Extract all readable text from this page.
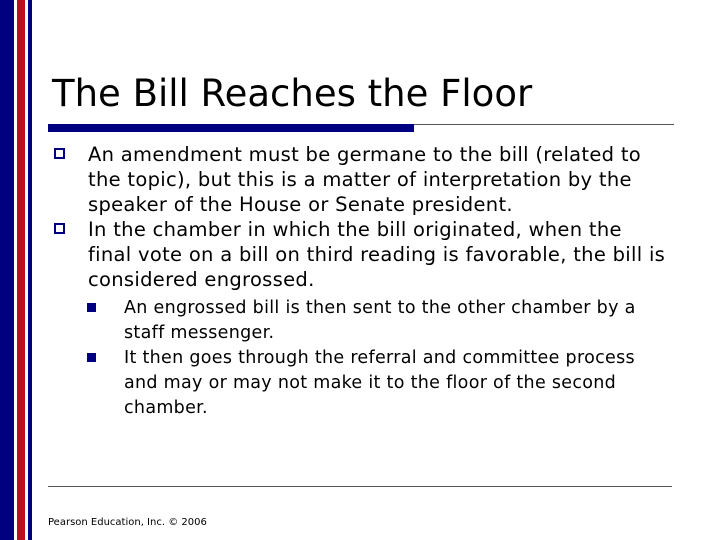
The Bill Reaches the Floor
An amendment must be germane to the bill (related to the topic), but this is a matter of interpretation by the speaker of the House or Senate president.
In the chamber in which the bill originated, when the final vote on a bill on third reading is favorable, the bill is considered engrossed.
An engrossed bill is then sent to the other chamber by a staff messenger.
It then goes through the referral and committee process and may or may not make it to the floor of the second chamber.
Pearson Education, Inc. © 2006
